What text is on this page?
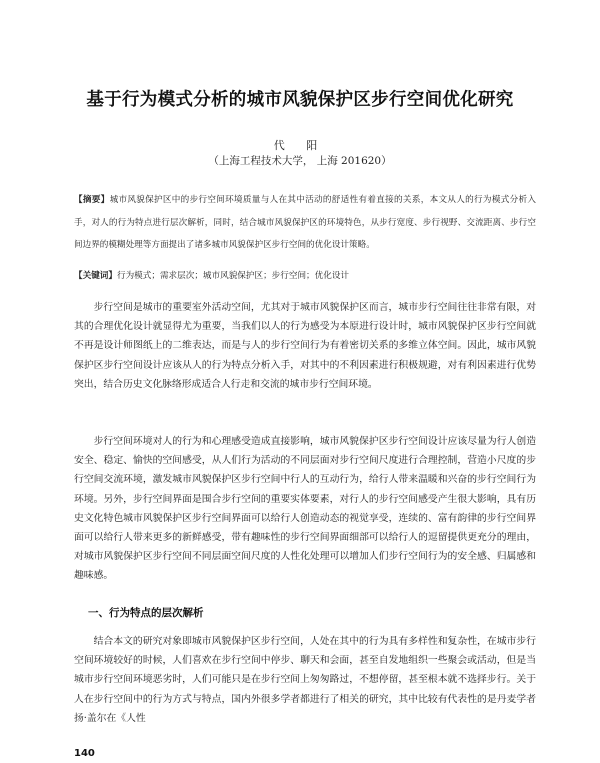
基于行为模式分析的城市风貌保护区步行空间优化研究
代 阳
（上海工程技术大学， 上海 201620）
【摘要】城市风貌保护区中的步行空间环境质量与人在其中活动的舒适性有着直接的关系，本文从人的行为模式分析入手，对人的行为特点进行层次解析，同时，结合城市风貌保护区的环境特色，从步行宽度、步行视野、交流距离、步行空间边界的模糊处理等方面提出了诸多城市风貌保护区步行空间的优化设计策略。
【关键词】行为模式；需求层次；城市风貌保护区；步行空间；优化设计

步行空间是城市的重要室外活动空间，尤其对于城市风貌保护区而言，城市步行空间往往非常有限，对其的合理优化设计就显得尤为重要，当我们以人的行为感受为本原进行设计时，城市风貌保护区步行空间就不再是设计师图纸上的二维表达，而是与人的步行空间行为有着密切关系的多维立体空间。因此，城市风貌保护区步行空间设计应该从人的行为特点分析入手，对其中的不利因素进行积极规避，对有利因素进行优势突出，结合历史文化脉络形成适合人行走和交流的城市步行空间环境。

步行空间环境对人的行为和心理感受造成直接影响，城市风貌保护区步行空间设计应该尽量为行人创造安全、稳定、愉快的空间感受，从人们行为活动的不同层面对步行空间尺度进行合理控制，营造小尺度的步行空间交流环境，激发城市风貌保护区步行空间中行人的互动行为，给行人带来温暖和兴奋的步行空间行为环境。另外，步行空间界面是围合步行空间的重要实体要素，对行人的步行空间感受产生很大影响，具有历史文化特色城市风貌保护区步行空间界面可以给行人创造动态的视觉享受，连续的、富有韵律的步行空间界面可以给行人带来更多的新鲜感受，带有趣味性的步行空间界面细部可以给行人的逗留提供更充分的理由，对城市风貌保护区步行空间不同层面空间尺度的人性化处理可以增加人们步行空间行为的安全感、归属感和趣味感。

一、行为特点的层次解析

结合本文的研究对象即城市风貌保护区步行空间，人处在其中的行为具有多样性和复杂性，在城市步行空间环境较好的时候，人们喜欢在步行空间中停步、聊天和会面，甚至自发地组织一些聚会或活动，但是当城市步行空间环境恶劣时，人们可能只是在步行空间上匆匆路过，不想停留，甚至根本就不选择步行。关于人在步行空间中的行为方式与特点，国内外很多学者都进行了相关的研究，其中比较有代表性的是丹麦学者扬·盖尔在《人性

140
